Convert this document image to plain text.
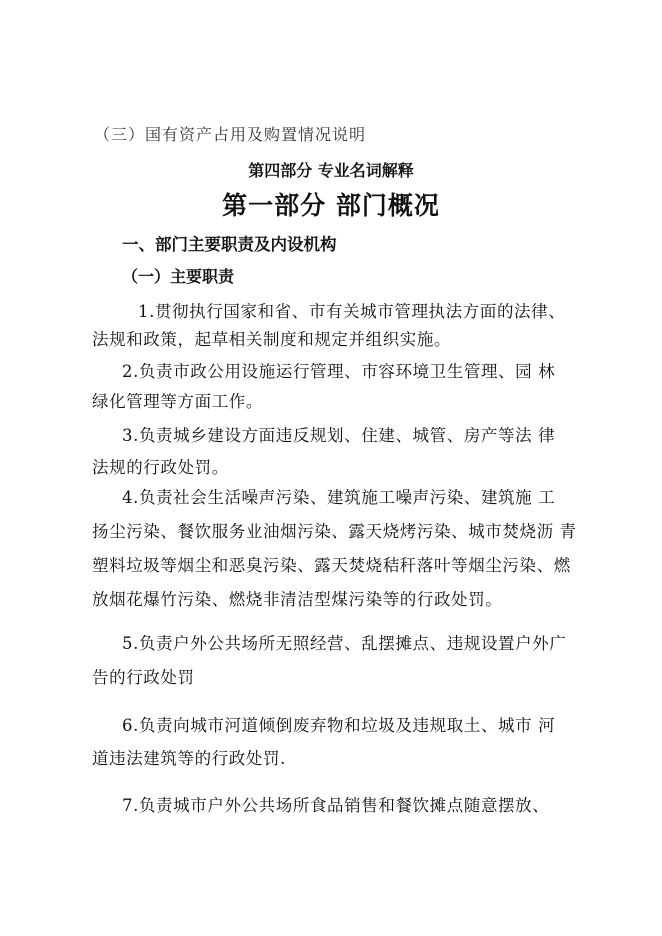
（三）国有资产占用及购置情况说明
第四部分 专业名词解释
第一部分 部门概况
一、部门主要职责及内设机构
（一）主要职责
1.贯彻执行国家和省、市有关城市管理执法方面的法律、
法规和政策，起草相关制度和规定并组织实施。
2.负责市政公用设施运行管理、市容环境卫生管理、园 林
绿化管理等方面工作。
3.负责城乡建设方面违反规划、住建、城管、房产等法 律
法规的行政处罚。
4.负责社会生活噪声污染、建筑施工噪声污染、建筑施 工
扬尘污染、餐饮服务业油烟污染、露天烧烤污染、城市焚烧沥 青
塑料垃圾等烟尘和恶臭污染、露天焚烧秸秆落叶等烟尘污染、燃
放烟花爆竹污染、燃烧非清洁型煤污染等的行政处罚。
5.负责户外公共场所无照经营、乱摆摊点、违规设置户外广
告的行政处罚
6.负责向城市河道倾倒废弃物和垃圾及违规取土、城市 河
道违法建筑等的行政处罚.
7.负责城市户外公共场所食品销售和餐饮摊点随意摆放、
